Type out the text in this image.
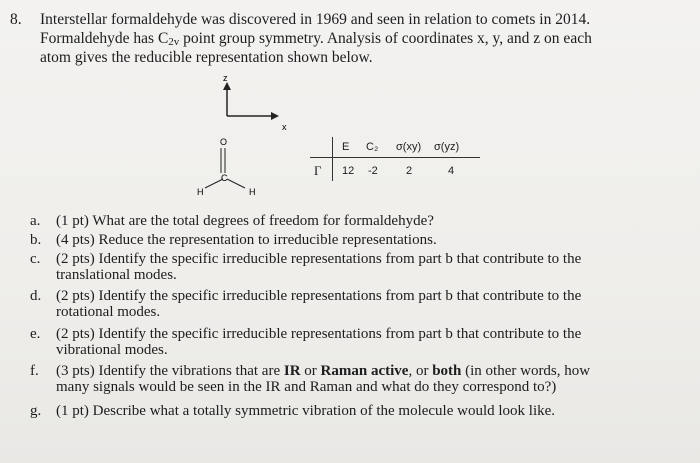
8. Interstellar formaldehyde was discovered in 1969 and seen in relation to comets in 2014.
Formaldehyde has C2v point group symmetry. Analysis of coordinates x, y, and z on each
atom gives the reducible representation shown below.
z
x
O
C
H	H
E C₂ σ(xy) σ(yz)
Γ 12 -2	2	4
a. (1 pt) What are the total degrees of freedom for formaldehyde?
b. (4 pts) Reduce the representation to irreducible representations.
c. (2 pts) Identify the specific irreducible representations from part b that contribute to the
translational modes.
d. (2 pts) Identify the specific irreducible representations from part b that contribute to the
rotational modes.
e. (2 pts) Identify the specific irreducible representations from part b that contribute to the
vibrational modes.
f. (3 pts) Identify the vibrations that are IR or Raman active, or both (in other words, how
many signals would be seen in the IR and Raman and what do they correspond to?)
g. (1 pt) Describe what a totally symmetric vibration of the molecule would look like.
